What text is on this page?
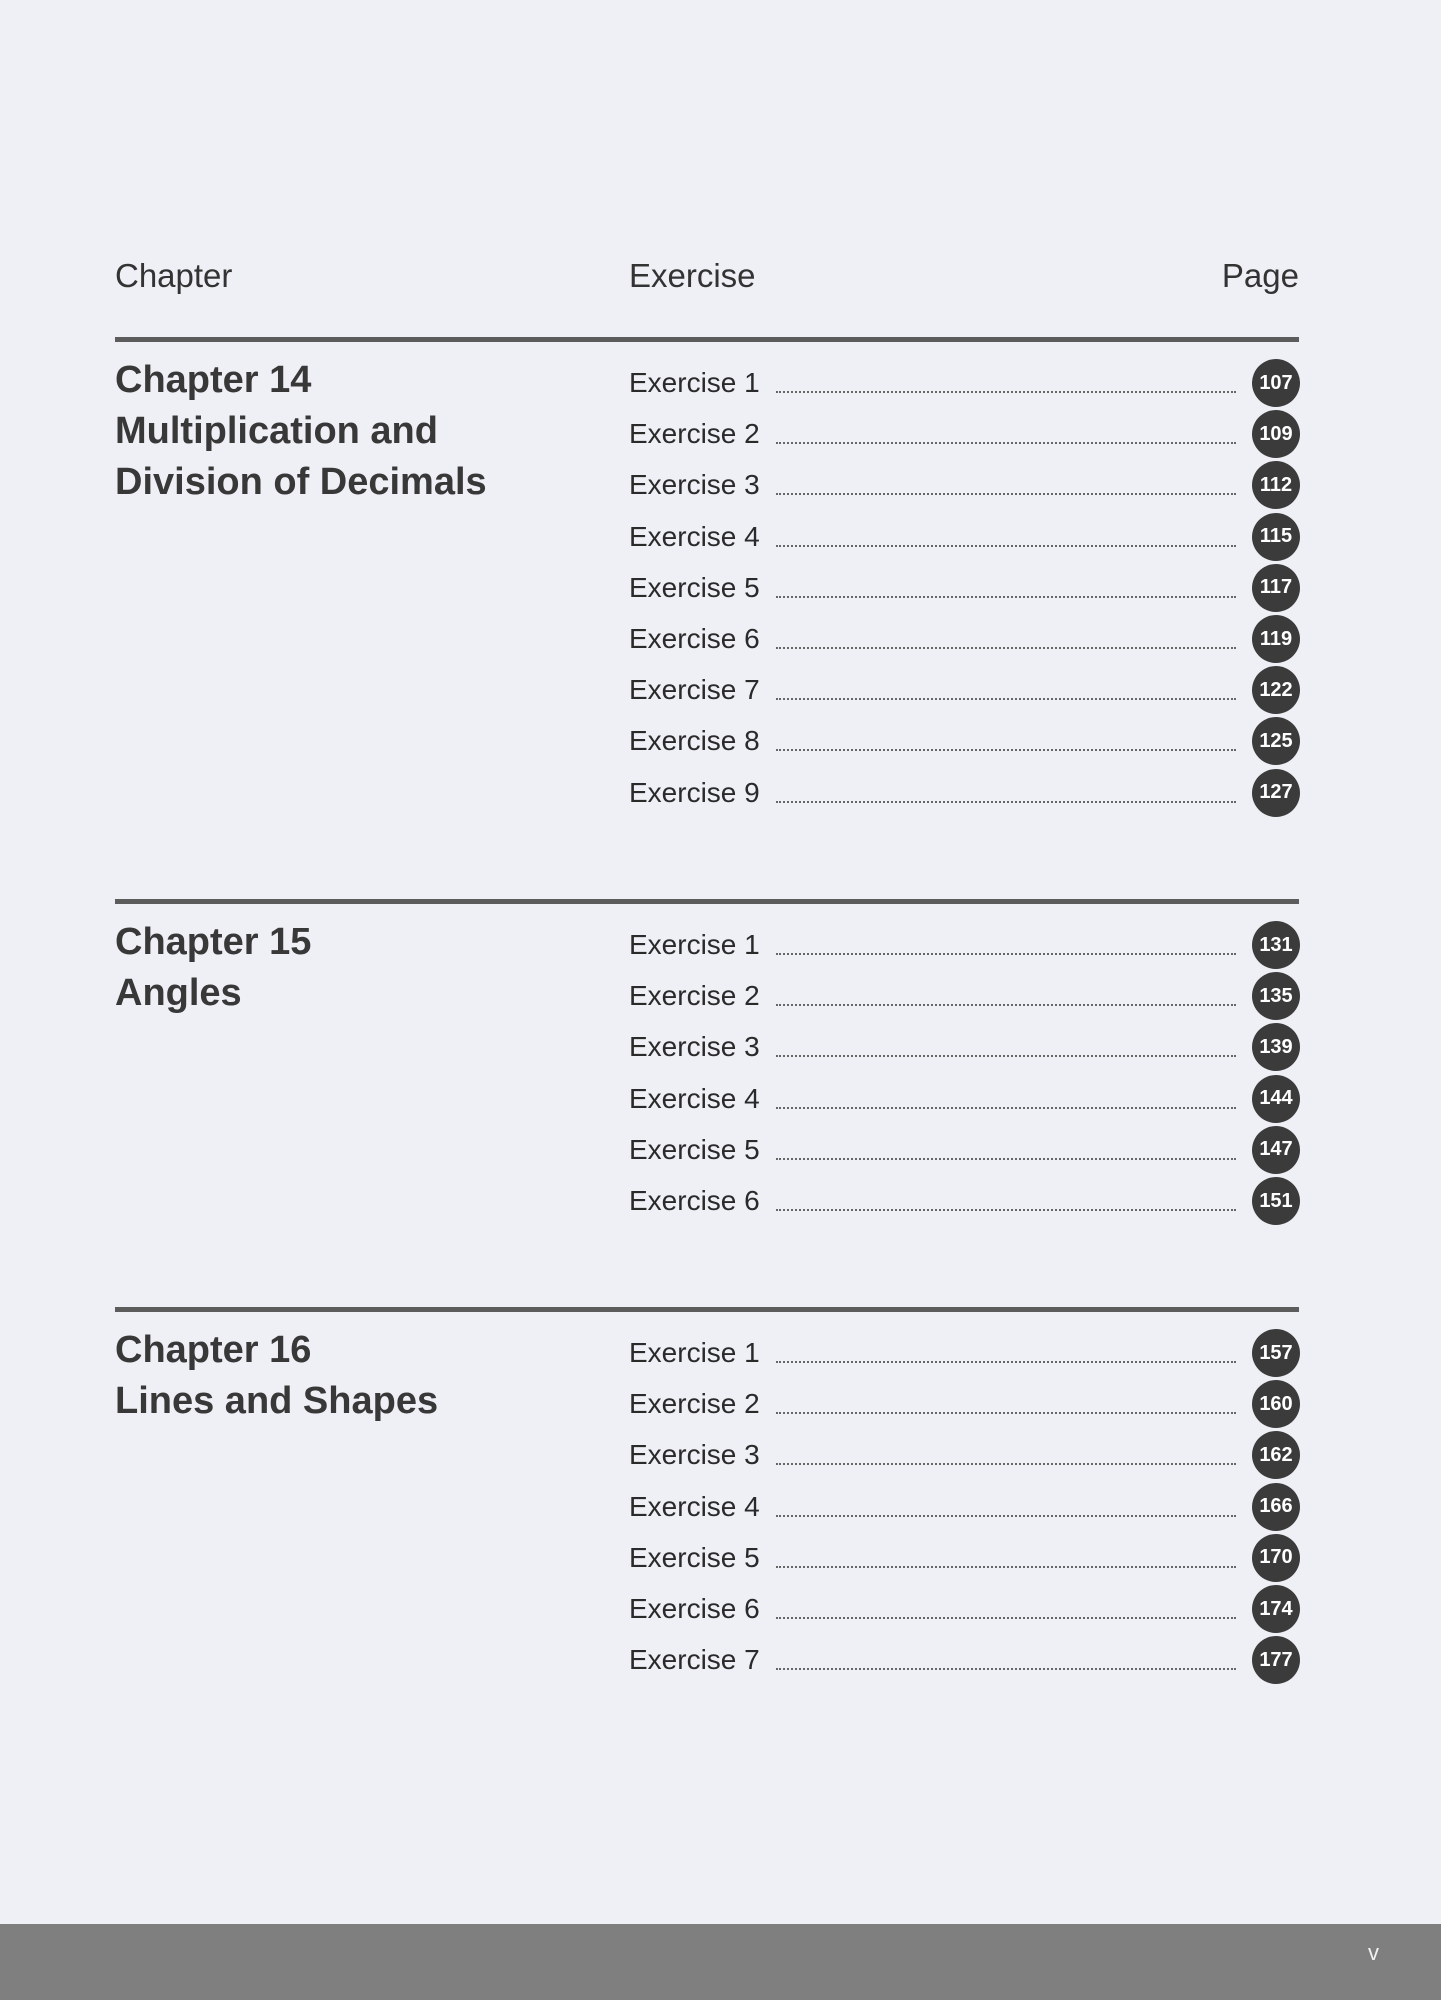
Chapter	Exercise	Page
Chapter 14
Multiplication and
Division of Decimals
Exercise 1	107
Exercise 2	109
Exercise 3	112
Exercise 4	115
Exercise 5	117
Exercise 6	119
Exercise 7	122
Exercise 8	125
Exercise 9	127
Chapter 15
Angles
Exercise 1	131
Exercise 2	135
Exercise 3	139
Exercise 4	144
Exercise 5	147
Exercise 6	151
Chapter 16
Lines and Shapes
Exercise 1	157
Exercise 2	160
Exercise 3	162
Exercise 4	166
Exercise 5	170
Exercise 6	174
Exercise 7	177
v
